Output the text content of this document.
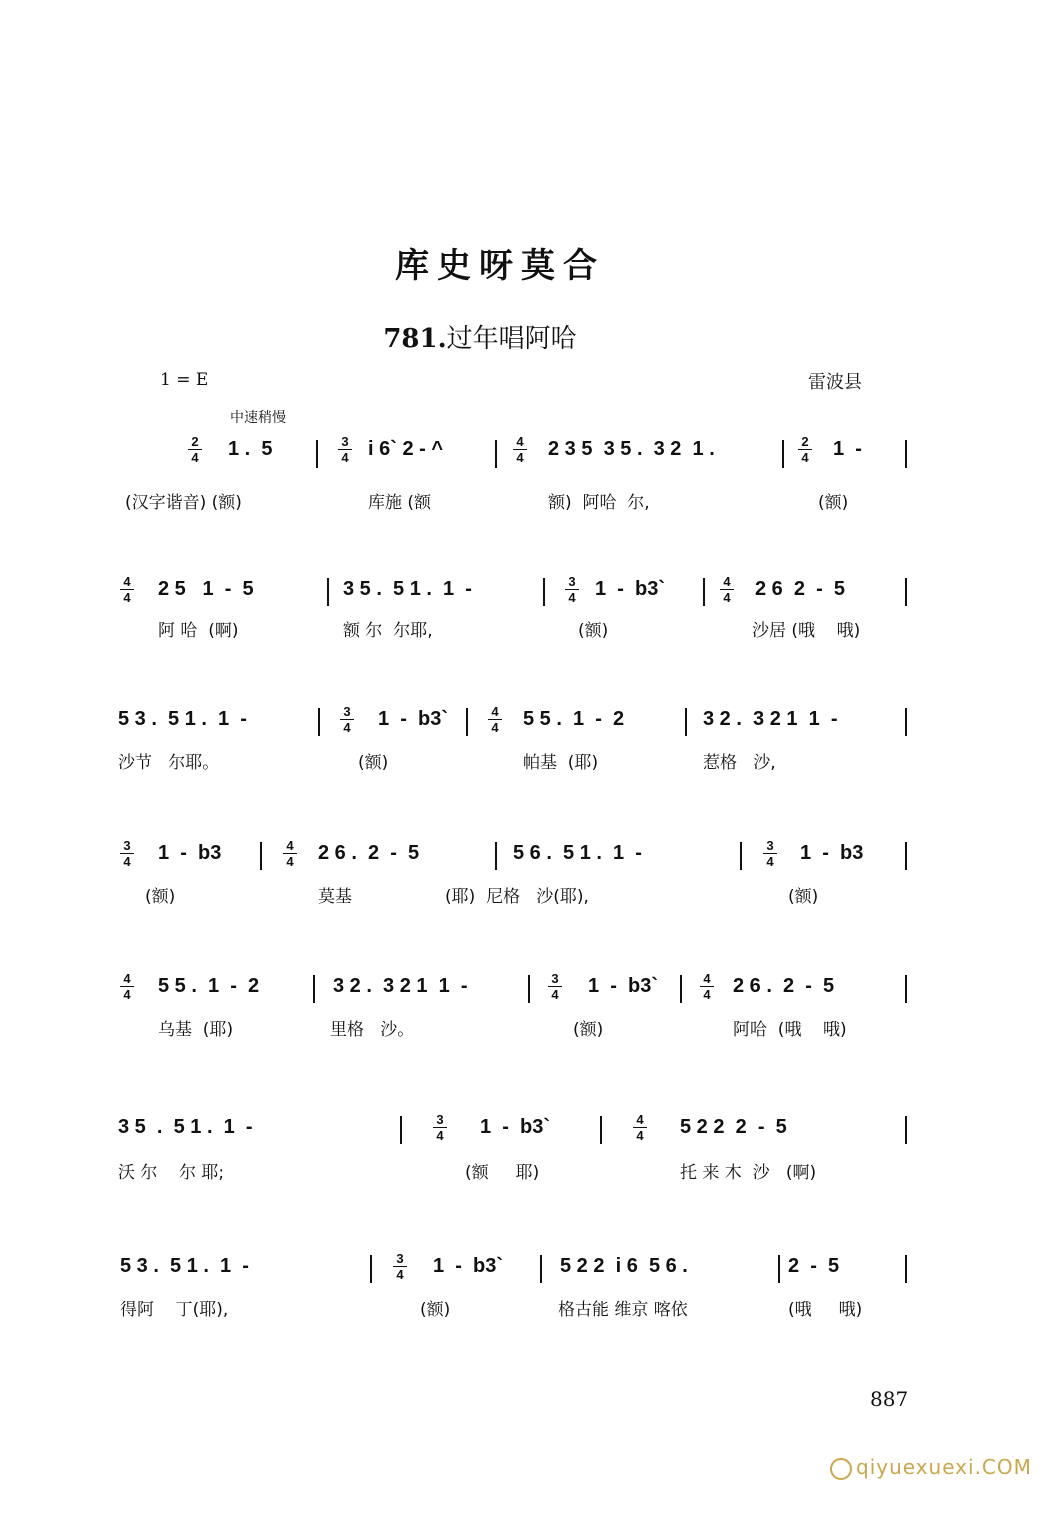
库史呀莫合
781.过年唱阿哈
1 = E	雷波县
中速稍慢
2
4 1 .  5	3
4 i 6` 2 - ^	4
4 2 3 5  3 5 .  3 2  1 .	2
4 1  -
(汉字谐音) (额)	库施 (额	额)  阿哈  尔,	(额)
4
4 2 5   1  -  5	3 5 .  5 1 .  1  -	3
4 1  -  b3`	4
4 2 6  2  -  5
阿 哈  (啊)	额 尔  尔耶,	(额)	沙居 (哦    哦)
5 3 .  5 1 .  1  -	3
4 1  -  b3`	4
4 5 5 .  1  -  2	3 2 .  3 2 1  1  -
沙节   尔耶。	(额)	帕基  (耶)	惹格   沙,
3
4 1  -  b3	4
4 2 6 .  2  -  5	5 6 .  5 1 .  1  -	3
4 1  -  b3
(额)	莫基	(耶)  尼格   沙(耶),	(额)
4
4 5 5 .  1  -  2	3 2 .  3 2 1  1  -	3
4 1  -  b3`	4
4 2 6 .  2  -  5
乌基  (耶)	里格   沙。	(额)	阿哈  (哦    哦)
3 5  .  5 1 .  1  -	3
4 1  -  b3`	4
4 5 2 2  2  -  5
沃 尔    尔 耶;	(额     耶)	托 来 木  沙   (啊)
5 3 .  5 1 .  1  -	3
4 1  -  b3`	5 2 2  i 6  5 6 .	2  -  5
得阿    丁(耶),	(额)	格古能 维京 喀依	(哦     哦)
887
qiyuexuexi.COM
